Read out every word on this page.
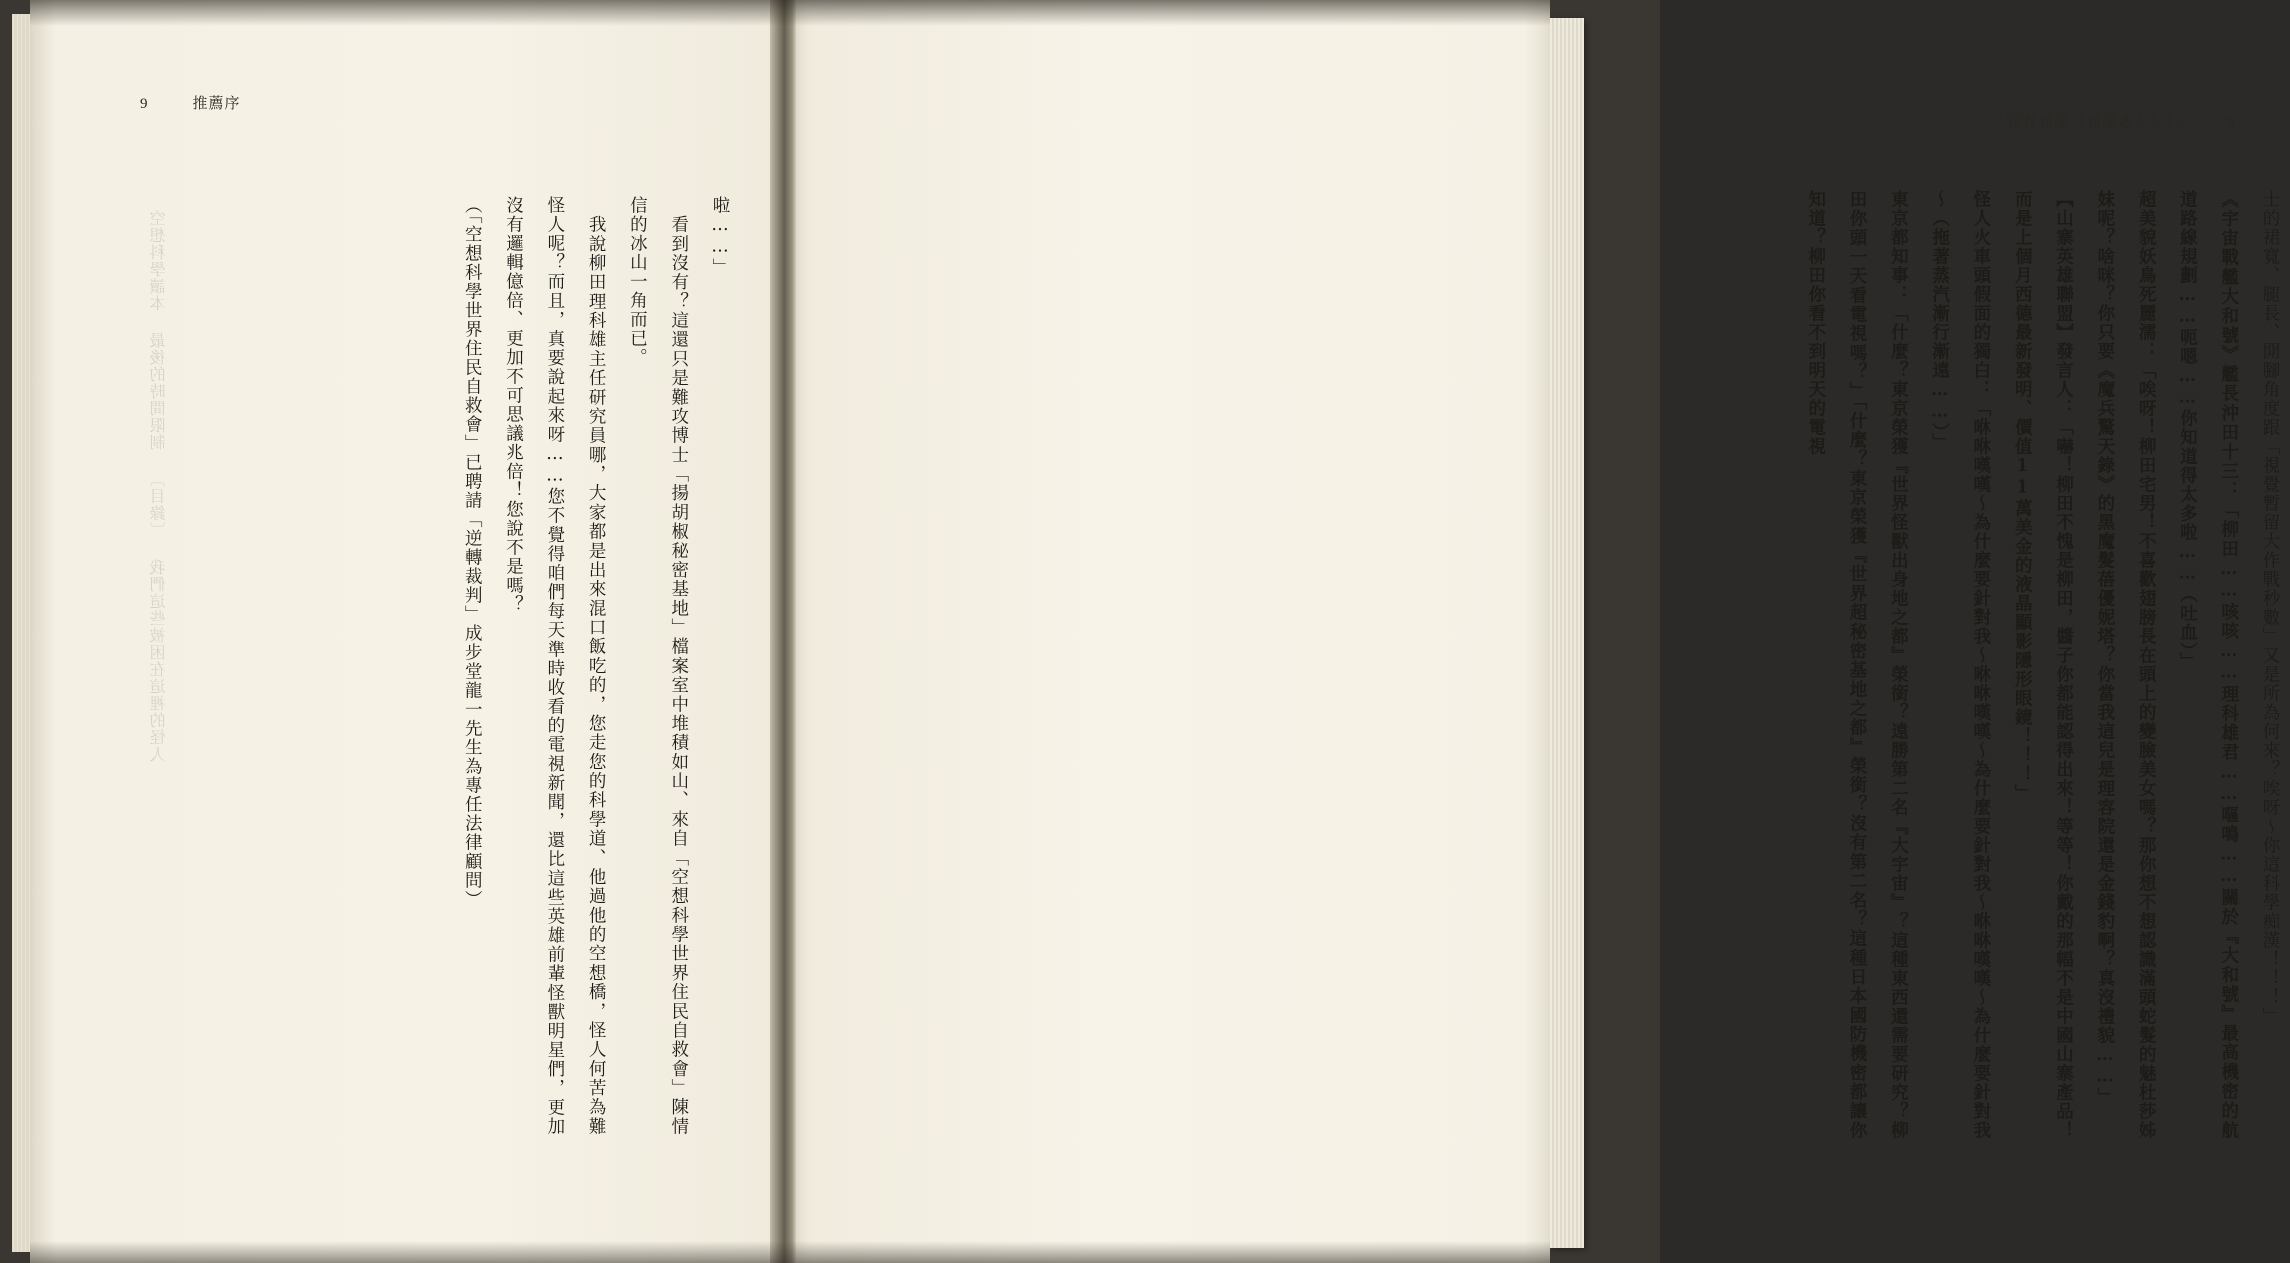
9	推薦序
空想科學讀本 最後的時間限制 〔目錄〕 我們這些被困在這裡的怪人	啦……」

　看到沒有？這還只是難攻博士「揚胡椒秘密基地」檔案室中堆積如山、來自「空想科學世界住民自救會」陳情信的冰山一角而已。

　我說柳田理科雄主任研究員哪，大家都是出來混口飯吃的，您走您的科學道、他過他的空想橋，怪人何苦為難怪人呢？而且，真要說起來呀……您不覺得咱們每天準時收看的電視新聞，還比這些英雄前輩怪獸明星們，更加沒有邏輯億倍、更加不可思議兆倍！您說不是嗎？

（「空想科學世界住民自救會」已聘請「逆轉裁判」成步堂龍一先生為專任法律顧問）

「我有異議（異議あり！）」 8

士的裙寬、腿長、開腳角度跟「視覺暫留大作戰秒數」又是所為何來？唉呀～你這科學痴漢！！！」

《宇宙戰艦大和號》艦長沖田十三：「柳田……咳咳……理科雄君……嘔鳴……關於『大和號』最高機密的航道路線規劃……呃嗯……你知道得太多啦……（吐血）」

超美貌妖鳥死麗濡：「唉呀！柳田宅男！不喜歡翅膀長在頭上的變臉美女嗎？那你想不想認識滿頭蛇髮的魅杜莎姊妹呢？啥咪？你只要《魔兵驚天錄》的黑魔髮蓓優妮塔？你當我這兒是理容院還是金錢豹啊？真沒禮貌……」

【山寨英雄聯盟】發言人：「嚇！柳田不愧是柳田，醬子你都能認得出來！等等！你戴的那幅不是中國山寨產品！而是上個月西德最新發明、價值11萬美金的液晶顯影隱形眼鏡！！！」

怪人火車頭假面的獨白：「咻咻嘆嘆～為什麼要針對我～咻咻嘆嘆～為什麼要針對我～咻咻嘆嘆～為什麼要針對我～（拖著蒸汽漸行漸遠……）」

東京都知事：「什麼？東京榮獲『世界怪獸出身地之都』榮銜？遠勝第二名『大宇宙』？這種東西還需要研究？柳田你頭一天看電視嗎？」「什麼？東京榮獲『世界超秘密基地之都』榮銜？沒有第二名？這種日本國防機密都讓你知道？柳田你看不到明天的電視
